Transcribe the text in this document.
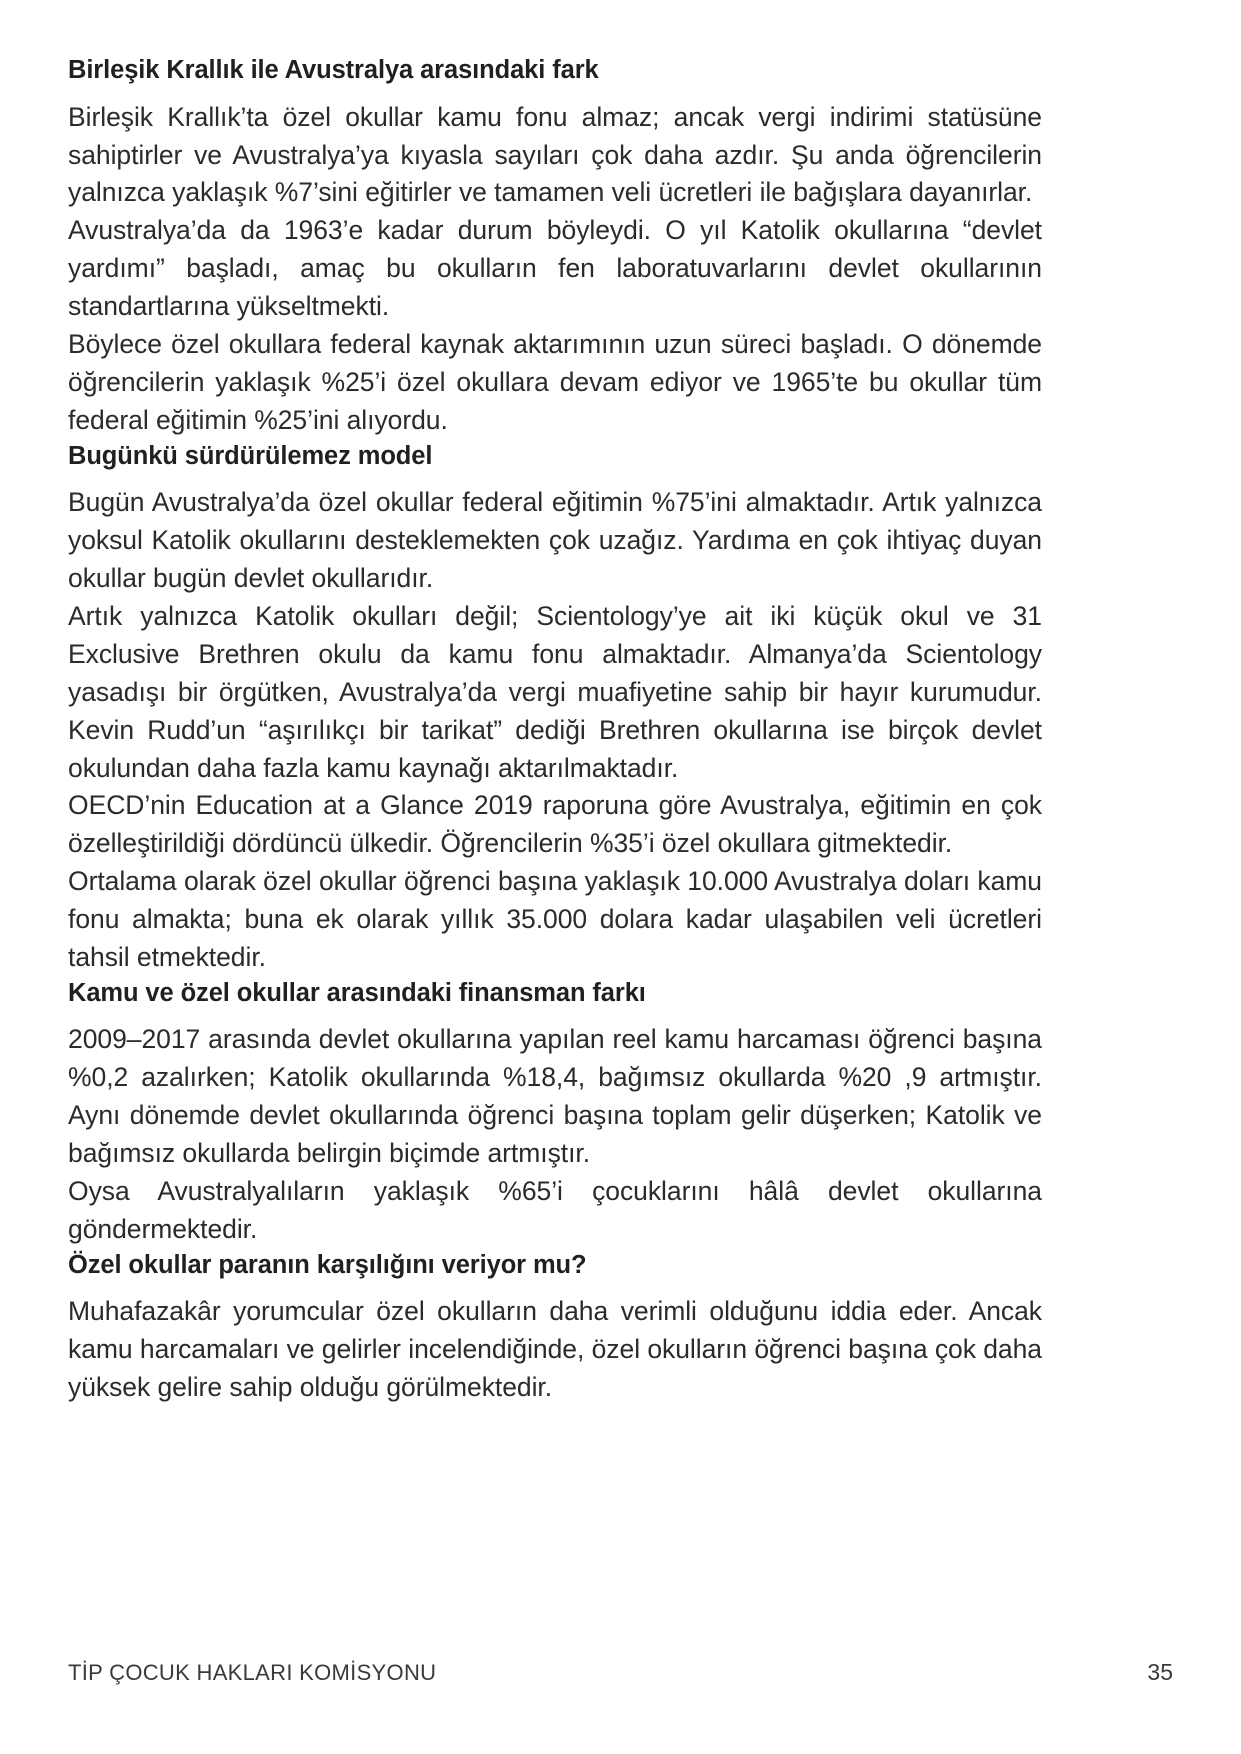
Birleşik Krallık ile Avustralya arasındaki fark

Birleşik Krallık’ta özel okullar kamu fonu almaz; ancak vergi indirimi statüsüne sahiptirler ve Avustralya’ya kıyasla sayıları çok daha azdır. Şu anda öğrencilerin yalnızca yaklaşık %7’sini eğitirler ve tamamen veli ücretleri ile bağışlara dayanırlar.

Avustralya’da da 1963’e kadar durum böyleydi. O yıl Katolik okullarına “devlet yardımı” başladı, amaç bu okulların fen laboratuvarlarını devlet okullarının standartlarına yükseltmekti.

Böylece özel okullara federal kaynak aktarımının uzun süreci başladı. O dönemde öğrencilerin yaklaşık %25’i özel okullara devam ediyor ve 1965’te bu okullar tüm federal eğitimin %25’ini alıyordu.

Bugünkü sürdürülemez model

Bugün Avustralya’da özel okullar federal eğitimin %75’ini almaktadır. Artık yalnızca yoksul Katolik okullarını desteklemekten çok uzağız. Yardıma en çok ihtiyaç duyan okullar bugün devlet okullarıdır.

Artık yalnızca Katolik okulları değil; Scientology’ye ait iki küçük okul ve 31 Exclusive Brethren okulu da kamu fonu almaktadır. Almanya’da Scientology yasadışı bir örgütken, Avustralya’da vergi muafiyetine sahip bir hayır kurumudur. Kevin Rudd’un “aşırılıkçı bir tarikat” dediği Brethren okullarına ise birçok devlet okulundan daha fazla kamu kaynağı aktarılmaktadır.

OECD’nin Education at a Glance 2019 raporuna göre Avustralya, eğitimin en çok özelleştirildiği dördüncü ülkedir. Öğrencilerin %35’i özel okullara gitmektedir.

Ortalama olarak özel okullar öğrenci başına yaklaşık 10.000 Avustralya doları kamu fonu almakta; buna ek olarak yıllık 35.000 dolara kadar ulaşabilen veli ücretleri tahsil etmektedir.

Kamu ve özel okullar arasındaki finansman farkı

2009–2017 arasında devlet okullarına yapılan reel kamu harcaması öğrenci başına %0,2 azalırken; Katolik okullarında %18,4, bağımsız okullarda %20 ,9 artmıştır. Aynı dönemde devlet okullarında öğrenci başına toplam gelir düşerken; Katolik ve bağımsız okullarda belirgin biçimde artmıştır.

Oysa Avustralyalıların yaklaşık %65’i çocuklarını hâlâ devlet okullarına göndermektedir.

Özel okullar paranın karşılığını veriyor mu?

Muhafazakâr yorumcular özel okulların daha verimli olduğunu iddia eder. Ancak kamu harcamaları ve gelirler incelendiğinde, özel okulların öğrenci başına çok daha yüksek gelire sahip olduğu görülmektedir.

TİP ÇOCUK HAKLARI KOMİSYONU	35
